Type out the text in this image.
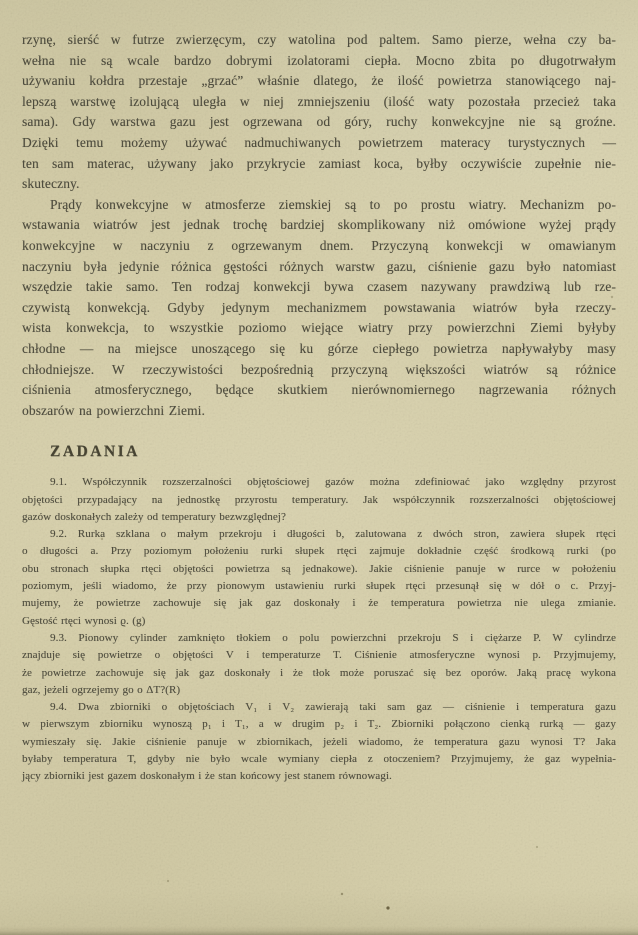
rzynę, sierść w futrze zwierzęcym, czy watolina pod paltem. Samo pierze, wełna czy ba-
wełna nie są wcale bardzo dobrymi izolatorami ciepła. Mocno zbita po długotrwałym
używaniu kołdra przestaje „grzać” właśnie dlatego, że ilość powietrza stanowiącego naj-
lepszą warstwę izolującą uległa w niej zmniejszeniu (ilość waty pozostała przecież taka
sama). Gdy warstwa gazu jest ogrzewana od góry, ruchy konwekcyjne nie są groźne.
Dzięki temu możemy używać nadmuchiwanych powietrzem materacy turystycznych —
ten sam materac, używany jako przykrycie zamiast koca, byłby oczywiście zupełnie nie-
skuteczny.
Prądy konwekcyjne w atmosferze ziemskiej są to po prostu wiatry. Mechanizm po-
wstawania wiatrów jest jednak trochę bardziej skomplikowany niż omówione wyżej prądy
konwekcyjne w naczyniu z ogrzewanym dnem. Przyczyną konwekcji w omawianym
naczyniu była jedynie różnica gęstości różnych warstw gazu, ciśnienie gazu było natomiast
wszędzie takie samo. Ten rodzaj konwekcji bywa czasem nazywany prawdziwą lub rze-
czywistą konwekcją. Gdyby jedynym mechanizmem powstawania wiatrów była rzeczy-
wista konwekcja, to wszystkie poziomo wiejące wiatry przy powierzchni Ziemi byłyby
chłodne — na miejsce unoszącego się ku górze ciepłego powietrza napływałyby masy
chłodniejsze. W rzeczywistości bezpośrednią przyczyną większości wiatrów są różnice
ciśnienia atmosferycznego, będące skutkiem nierównomiernego nagrzewania różnych
obszarów na powierzchni Ziemi.
ZADANIA
9.1. Współczynnik rozszerzalności objętościowej gazów można zdefiniować jako względny przyrost
objętości przypadający na jednostkę przyrostu temperatury. Jak współczynnik rozszerzalności objętościowej
gazów doskonałych zależy od temperatury bezwzględnej?
9.2. Rurka szklana o małym przekroju i długości b, zalutowana z dwóch stron, zawiera słupek rtęci
o długości a. Przy poziomym położeniu rurki słupek rtęci zajmuje dokładnie część środkową rurki (po
obu stronach słupka rtęci objętości powietrza są jednakowe). Jakie ciśnienie panuje w rurce w położeniu
poziomym, jeśli wiadomo, że przy pionowym ustawieniu rurki słupek rtęci przesunął się w dół o c. Przyj-
mujemy, że powietrze zachowuje się jak gaz doskonały i że temperatura powietrza nie ulega zmianie.
Gęstość rtęci wynosi ϱ. (g)
9.3. Pionowy cylinder zamknięto tłokiem o polu powierzchni przekroju S i ciężarze P. W cylindrze
znajduje się powietrze o objętości V i temperaturze T. Ciśnienie atmosferyczne wynosi p. Przyjmujemy,
że powietrze zachowuje się jak gaz doskonały i że tłok może poruszać się bez oporów. Jaką pracę wykona
gaz, jeżeli ogrzejemy go o ΔT?(R)
9.4. Dwa zbiorniki o objętościach V₁ i V₂ zawierają taki sam gaz — ciśnienie i temperatura gazu
w pierwszym zbiorniku wynoszą p₁ i T₁, a w drugim p₂ i T₂. Zbiorniki połączono cienką rurką — gazy
wymieszały się. Jakie ciśnienie panuje w zbiornikach, jeżeli wiadomo, że temperatura gazu wynosi T? Jaka
byłaby temperatura T, gdyby nie było wcale wymiany ciepła z otoczeniem? Przyjmujemy, że gaz wypełnia-
jący zbiorniki jest gazem doskonałym i że stan końcowy jest stanem równowagi.
